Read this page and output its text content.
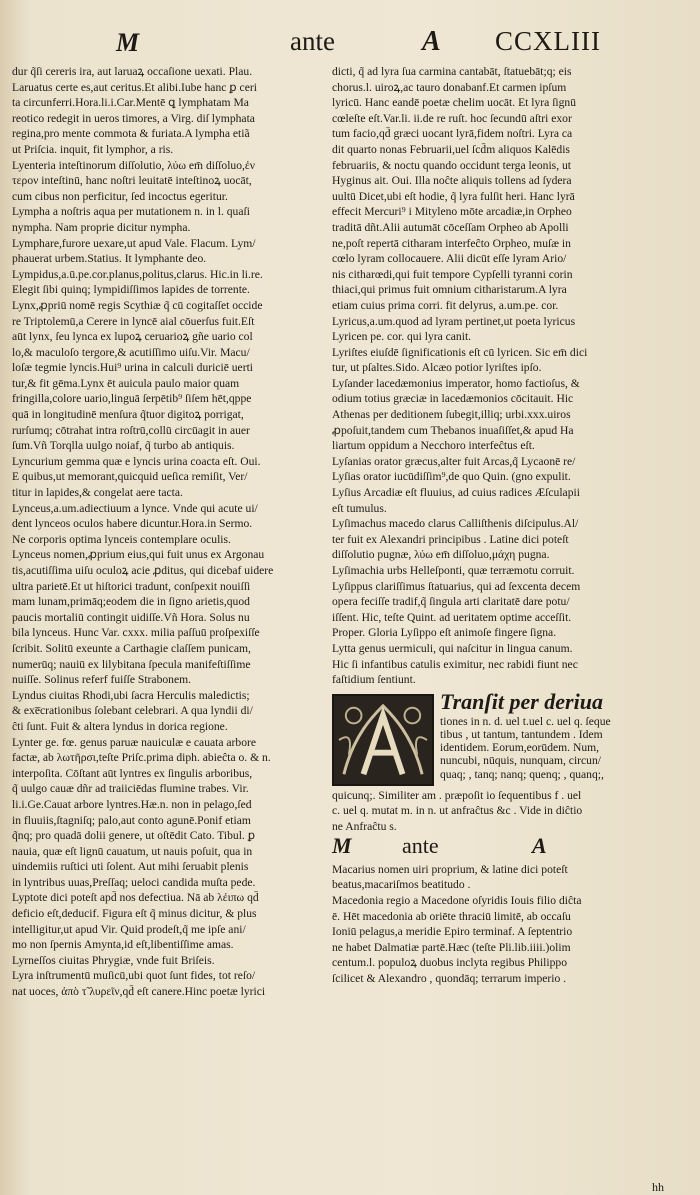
M	ante	A CCXLIII
dur q̃ſi cereris ira, aut laruaꝝ occaſione uexati. Plau.
Laruatus certe es,aut ceritus.Et alibi.Iube hanc ꝑ ceri
ta circunferri.Hora.li.i.Car.Mentē ꝗ lymphatam Ma
reotico redegit in ueros timores, a Virg. diſ lymphata
regina,pro mente commota & furiata.A lympha etiã
ut Priſcia. inquit, fit lymphor, a ris.
Lyenteria inteſtinorum diſſolutio, λύω em̄ diſſoluo,ἐν
τερον inteſtinū, hanc noſtri leuitatē inteſtinoꝝ uocāt,
cum cibus non perficitur, ſed incoctus egeritur.
Lympha a noſtris aqua per mutationem n. in l. quaſi
nympha. Nam proprie dicitur nympha.
Lymphare,furore uexare,ut apud Vale. Flacum. Lym/
phauerat urbem.Statius. It lymphante deo.
Lympidus,a.ū.pe.cor.planus,politus,clarus. Hic.in li.re.
Elegit ſibi quinq; lympidiſſimos lapides de torrente.
Lynx,ꝓpriū nomē regis Scythiæ q̃ cū cogitaſſet occide
re Triptolemū,a Cerere in lyncē aial cōuerſus fuit.Eſt
aūt lynx, ſeu lynca ex lupoꝝ ceruarioꝝ gñe uario col
lo,& maculoſo tergore,& acutiſſimo uiſu.Vir. Macu/
loſæ tegmie lyncis.Hui⁹ urina in calculi duriciē uerti
tur,& fit gēma.Lynx ēt auicula paulo maior quam
fringilla,colore uario,linguā ſerpētib⁹ ſiſem hēt,qppe
quā in longitudinē menſura q̃tuor digitoꝝ porrigat,
rurſumq; cōtrahat intra roſtrū,collū circūagit in auer
ſum.Vñ Torqlla uulgo noiaf, q̃ turbo ab antiquis.
Lyncurium gemma quæ e lyncis urina coacta eſt. Oui.
E quibus,ut memorant,quicquid ueſica remiſit, Ver/
titur in lapides,& congelat aere tacta.
Lynceus,a.um.adiectiuum a lynce. Vnde qui acute ui/
dent lynceos oculos habere dicuntur.Hora.in Sermo.
Ne corporis optima lynceis contemplare oculis.
Lynceus nomen,ꝓprium eius,qui fuit unus ex Argonau
tis,acutiſſima uiſu oculoꝝ acie ꝓditus, qui dicebaf uidere
ultra parietē.Et ut hiſtorici tradunt, conſpexit nouiſſi
mam lunam,primāq;eodem die in ſigno arietis,quod
paucis mortaliū contingit uidiſſe.Vñ Hora. Solus nu
bila lynceus. Hunc Var. cxxx. milia paſſuū proſpexiſſe
ſcribit. Solitū exeunte a Carthagie claſſem punicam,
numerūq; nauiū ex lilybitana ſpecula manifeſtiſſime
nuiſſe. Solinus referf fuiſſe Strabonem.
Lyndus ciuitas Rhodi,ubi ſacra Herculis maledictis;
& exe̅crationibus ſolebant celebrari. A qua lyndii di/
ĉti ſunt. Fuit & altera lyndus in dorica regione.
Lynter ge. fœ. genus paruæ nauiculæ e cauata arbore
factæ, ab λωτῆρσι,teſte Priſc.prima diph. abieĉta o. & n.
interpoſita. Cōſtant aūt lyntres ex ſingulis arboribus,
q̃ uulgo cauæ dñr ad traiiciēdas flumine trabes. Vir.
li.i.Ge.Cauat arbore lyntres.Hæ.n. non in pelago,ſed
in fluuiis,ſtagniſq; palo,aut conto agunē.Ponif etiam
q̃nq; pro quadā dolii genere, ut oſtēdit Cato. Tibul. ꝑ
nauia, quæ eſt lignū cauatum, ut nauis poſuit, qua in
uindemiis ruſtici uti ſolent. Aut mihi ſeruabit plenis
in lyntribus uuas,Preſſaq; ueloci candida muſta pede.
Lyptote dici poteſt apd̄ nos defectiua. Nā ab λέιπω qd̄
deficio eſt,deducif. Figura eſt q̃ minus dicitur, & plus
intelligitur,ut apud Vir. Quid prodeſt,q̃ me ipſe ani/
mo non ſpernis Amynta,id eſt,libentiſſime amas.
Lyrneſſos ciuitas Phrygiæ, vnde fuit Briſeis.
Lyra inſtrumentū muſicū,ubi quot ſunt fides, tot reſo/
nat uoces, ἀπὸ τ̃ λυρεῖν,qd̄ eſt canere.Hinc poetæ lyrici
dicti, q̃ ad lyra ſua carmina cantabāt, ſtatuebāt;q; eis
chorus.l. uiroꝝ,ac tauro donabanf.Et carmen ipſum
lyricū. Hanc eandē poetæ chelim uocāt. Et lyra ſignū
cœleſte eſt.Var.li. ii.de re ruſt. hoc ſecundū aſtri exor
tum facio,qd̄ græci uocant lyrā,fidem noſtri. Lyra ca
dit quarto nonas Februarii,uel ſcd̄m aliquos Kalēdis
februariis, & noctu quando occidunt terga leonis, ut
Hyginus ait. Oui. Illa noĉte aliquis tollens ad ſydera
uultū Dicet,ubi eſt hodie, q̃ lyra fulſit heri. Hanc lyrā
effecit Mercuri⁹ i Mityleno mōte arcadiæ,in Orpheo
traditā dñt.Alii autumāt cōceſſam Orpheo ab Apolli
ne,poſt repertā citharam interfeĉto Orpheo, muſæ in
cœlo lyram collocauere. Alii dicūt eſſe lyram Ario/
nis citharœdi,qui fuit tempore Cypſelli tyranni corin
thiaci,qui primus fuit omnium citharistarum.A lyra
etiam cuius prima corri. fit delyrus, a.um.pe. cor.
Lyricus,a.um.quod ad lyram pertinet,ut poeta lyricus
Lyricen pe. cor. qui lyra canit.
Lyriſtes eiuſdē ſignificationis eſt cū lyricen. Sic em̄ dici
tur, ut pſaltes.Sido. Alcæo potior lyriſtes ipſo.
Lyſander lacedæmonius imperator, homo factioſus, &
odium totius græciæ in lacedæmonios cōcitauit. Hic
Athenas per deditionem ſubegit,illiq; urbi.xxx.uiros
ꝓpoſuit,tandem cum Thebanos inuaſiſſet,& apud Ha
liartum oppidum a Necchoro interfeĉtus eſt.
Lyſanias orator græcus,alter fuit Arcas,q̃ Lycaonē re/
Lyſias orator iucūdiſſim⁹,de quo Quin. (gno expulit.
Lyſius Arcadiæ eſt fluuius, ad cuius radices Æſculapii
eſt tumulus.
Lyſimachus macedo clarus Calliſthenis diſcipulus.Al/
ter fuit ex Alexandri principibus . Latine dici poteſt
diſſolutio pugnæ, λύω em̄ diſſoluo,μάχη pugna.
Lyſimachia urbs Helleſponti, quæ terræmotu corruit.
Lyſippus clariſſimus ſtatuarius, qui ad ſexcenta decem
opera feciſſe tradif,q̃ ſingula arti claritatē dare potu/
iſſent. Hic, teſte Quint. ad ueritatem optime acceſſit.
Proper. Gloria Lyſippo eſt animoſe fingere ſigna.
Lytta genus uermiculi, qui naſcitur in lingua canum.
Hic ſi infantibus catulis eximitur, nec rabidi fiunt nec
faſtidium ſentiunt.
Tranſit per deriua
tiones in n. d. uel t.uel c. uel q. ſeque
tibus , ut tantum, tantundem . Idem
identidem. Eorum,eorūdem. Num,
nuncubi, nūquis, nunquam, circun/
quaq; , tanq; nanq; quenq; , quanq;,
quicunq;. Similiter am . præpoſit io ſequentibus f . uel
c. uel q. mutat m. in n. ut anfraĉtus &c . Vide in diĉtio
ne Anfraĉtu s.
M ante	A
Macarius nomen uiri proprium, & latine dici poteſt
beatus,macariſmos beatitudo .
Macedonia regio a Macedone oſyridis Iouis filio diĉta
ē. Hēt macedonia ab oriēte thraciū limitē, ab occaſu
Ioniū pelagus,a meridie Epiro terminaf. A ſeptentrio
ne habet Dalmatiæ partē.Hæc (teſte Pli.lib.iiii.)olim
centum.l. populoꝝ duobus inclyta regibus Philippo
ſcilicet & Alexandro , quondāq; terrarum imperio .
hh
